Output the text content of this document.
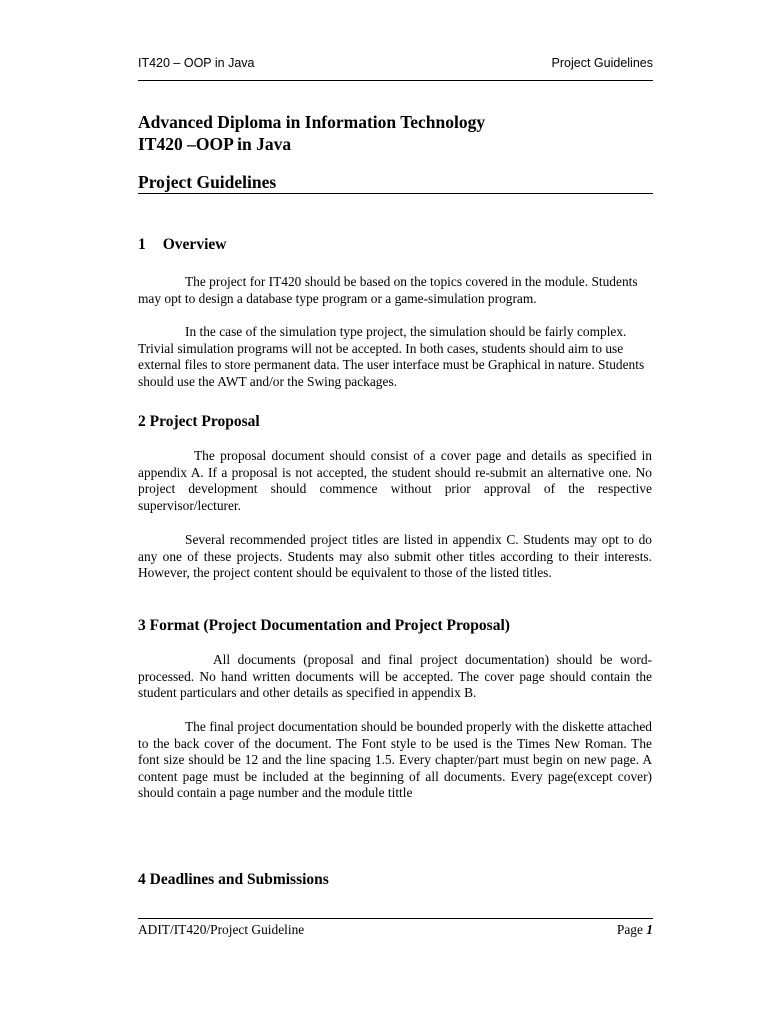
IT420 – OOP in Java	Project Guidelines
Advanced Diploma in Information Technology
IT420 –OOP in Java
Project Guidelines
1 Overview

The project for IT420 should be based on the topics covered in the module. Students may opt to design a database type program or a game-simulation program.

In the case of the simulation type project, the simulation should be fairly complex. Trivial simulation programs will not be accepted. In both cases, students should aim to use external files to store permanent data. The user interface must be Graphical in nature. Students should use the AWT and/or the Swing packages.

2 Project Proposal

The proposal document should consist of a cover page and details as specified in appendix A. If a proposal is not accepted, the student should re-submit an alternative one. No project development should commence without prior approval of the respective supervisor/lecturer.

Several recommended project titles are listed in appendix C. Students may opt to do any one of these projects. Students may also submit other titles according to their interests. However, the project content should be equivalent to those of the listed titles.

3 Format (Project Documentation and Project Proposal)

All documents (proposal and final project documentation) should be word-processed. No hand written documents will be accepted. The cover page should contain the student particulars and other details as specified in appendix B.

The final project documentation should be bounded properly with the diskette attached to the back cover of the document. The Font style to be used is the Times New Roman. The font size should be 12 and the line spacing 1.5. Every chapter/part must begin on new page. A content page must be included at the beginning of all documents. Every page(except cover) should contain a page number and the module tittle

4 Deadlines and Submissions
ADIT/IT420/Project Guideline	Page 1
